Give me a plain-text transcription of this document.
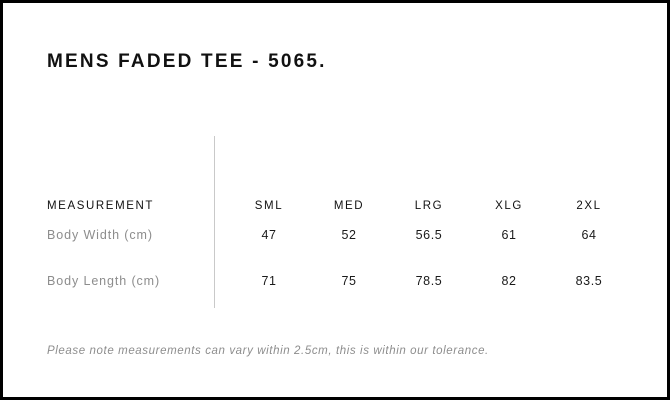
MENS FADED TEE - 5065.
MEASUREMENT	SML	MED	LRG	XLG	2XL
Body Width (cm)	47	52	56.5	61	64
Body Length (cm)	71	75	78.5	82	83.5
Please note measurements can vary within 2.5cm, this is within our tolerance.
